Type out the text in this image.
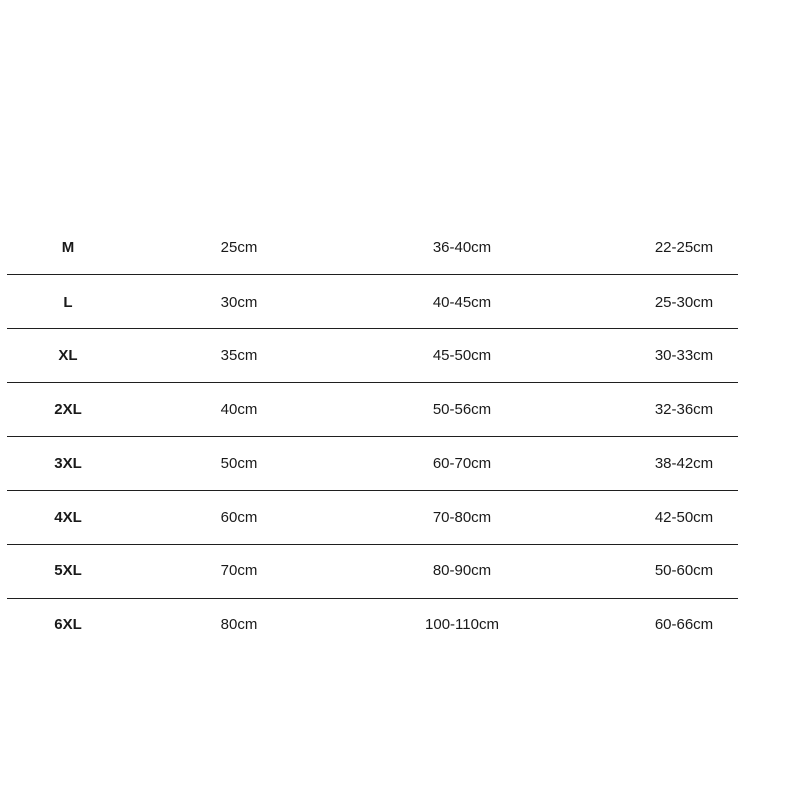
M	25cm	36-40cm	22-25cm
L	30cm	40-45cm	25-30cm
XL	35cm	45-50cm	30-33cm
2XL	40cm	50-56cm	32-36cm
3XL	50cm	60-70cm	38-42cm
4XL	60cm	70-80cm	42-50cm
5XL	70cm	80-90cm	50-60cm
6XL	80cm	100-110cm	60-66cm
